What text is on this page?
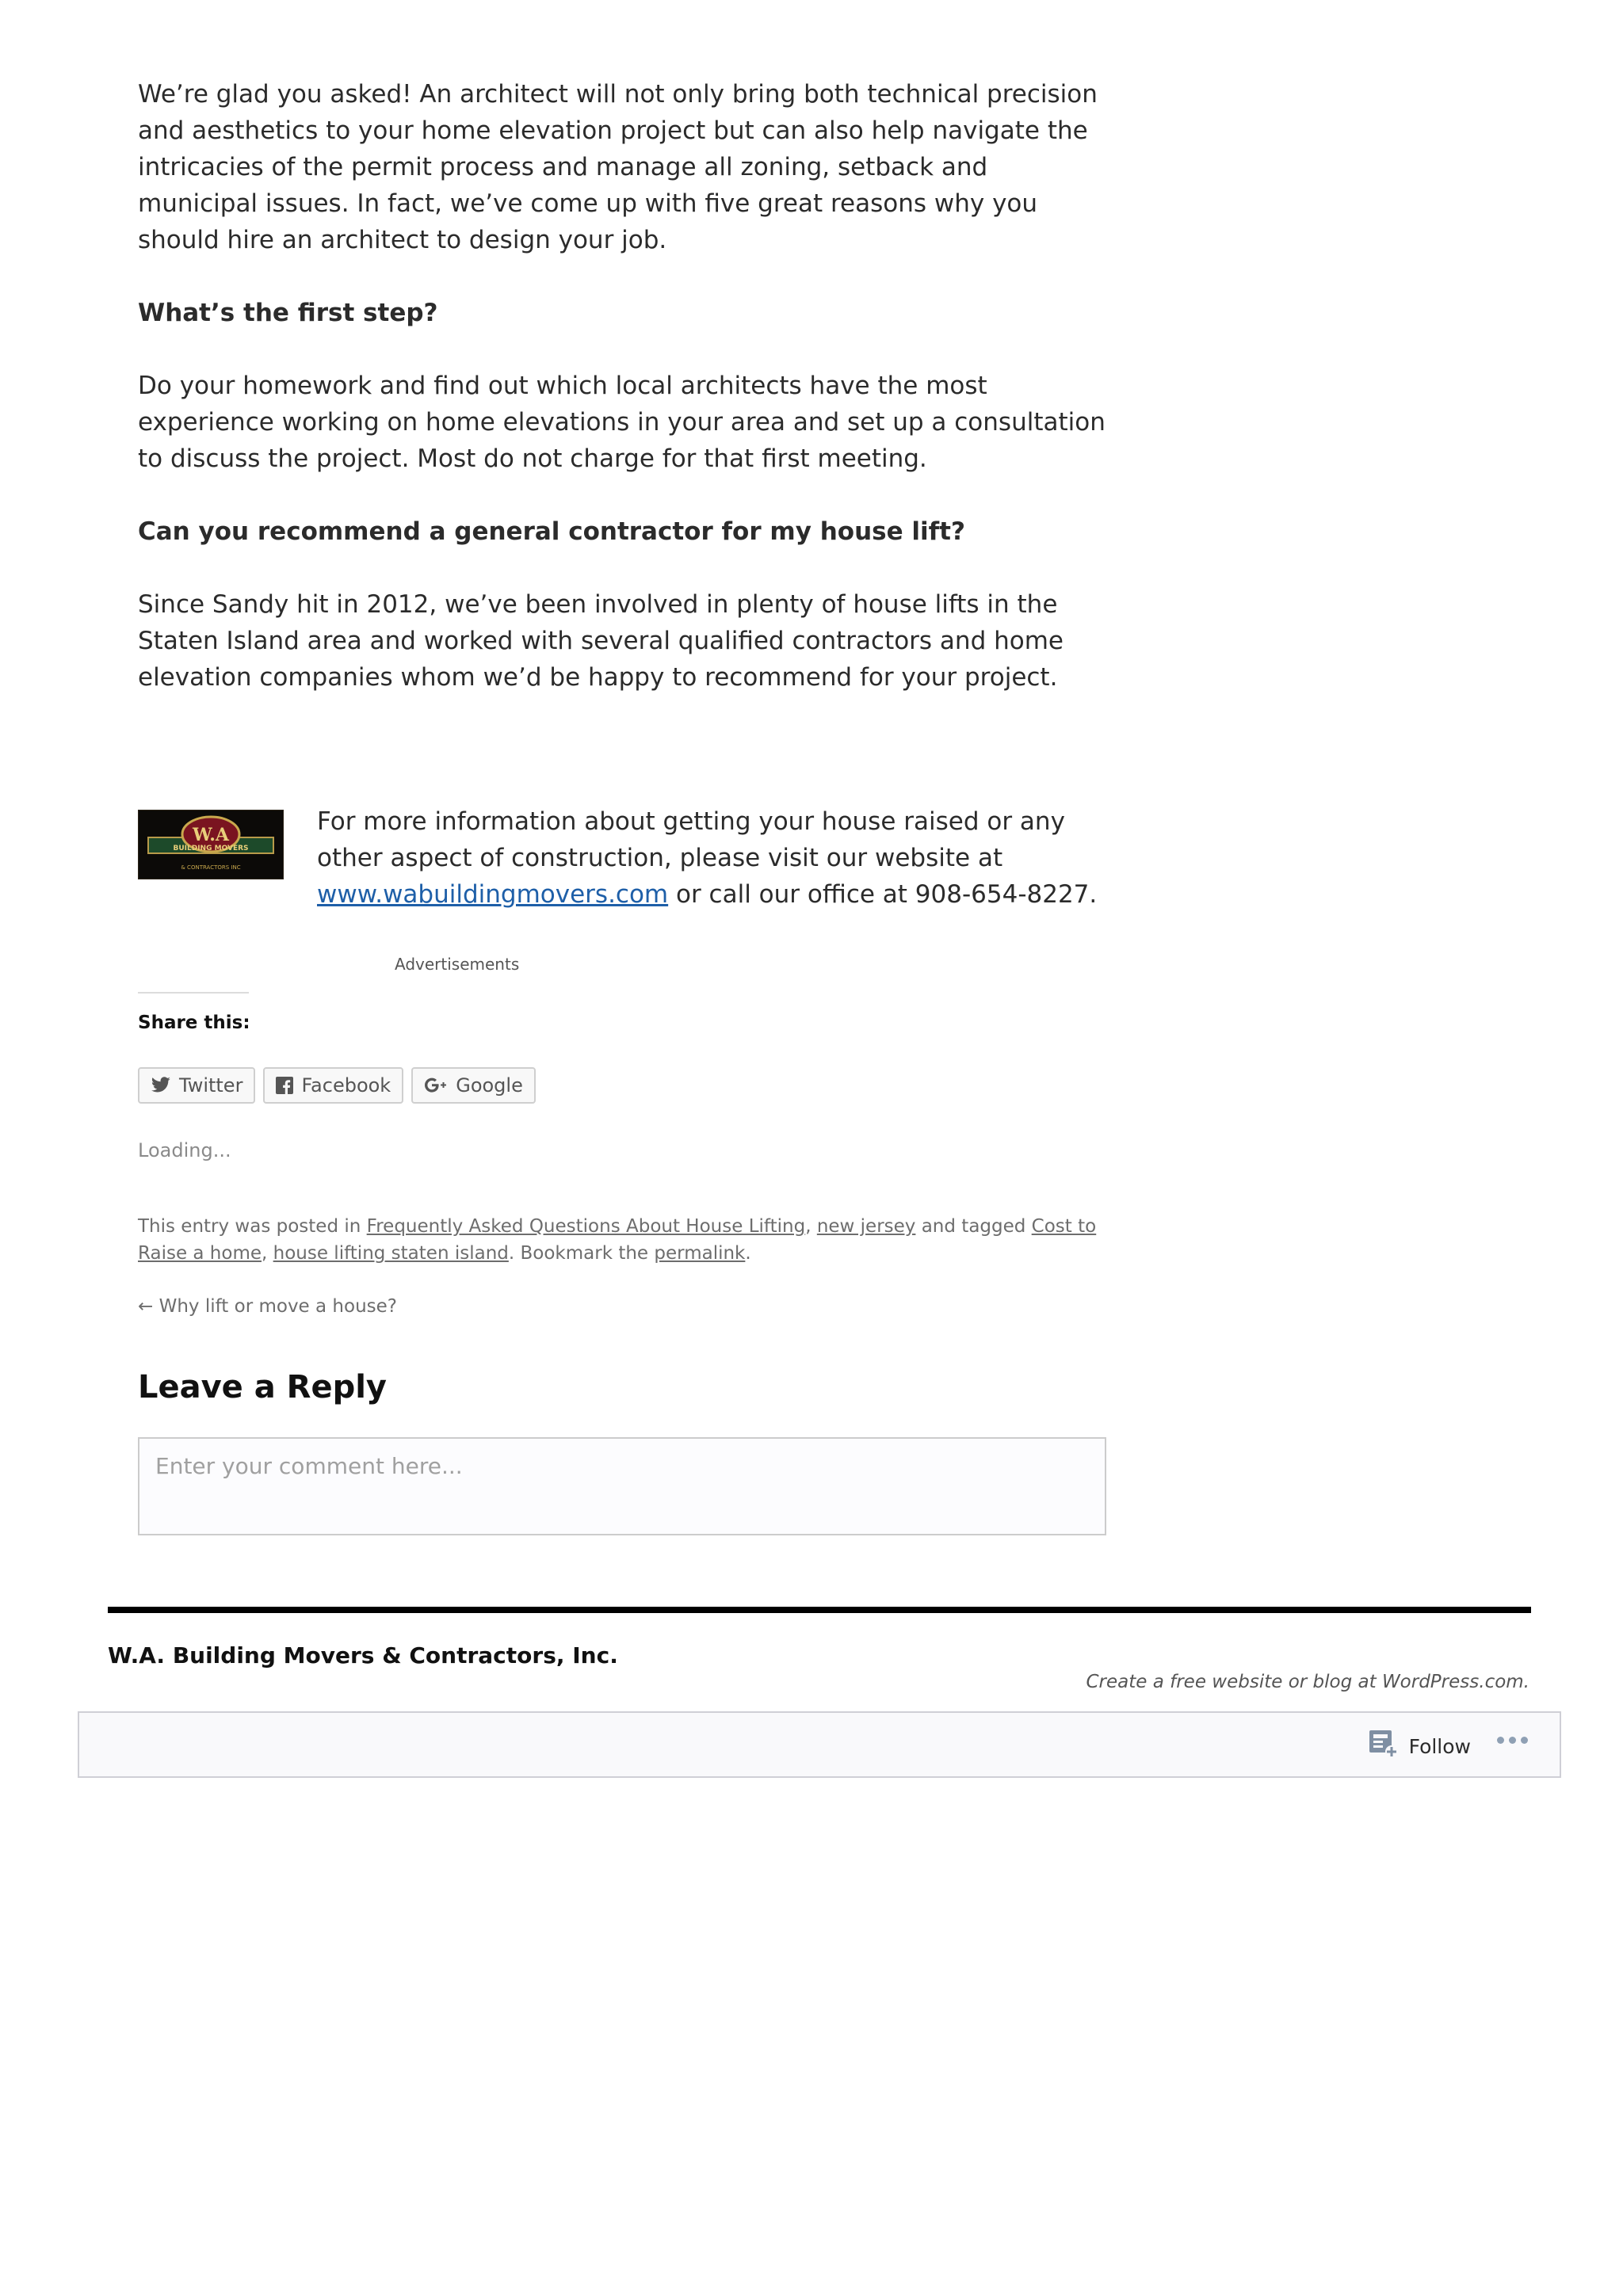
We’re glad you asked! An architect will not only bring both technical precision and aesthetics to your home elevation project but can also help navigate the intricacies of the permit process and manage all zoning, setback and municipal issues. In fact, we’ve come up with five great reasons why you should hire an architect to design your job.

What’s the first step?

Do your homework and find out which local architects have the most experience working on home elevations in your area and set up a consultation to discuss the project. Most do not charge for that first meeting.

Can you recommend a general contractor for my house lift?

Since Sandy hit in 2012, we’ve been involved in plenty of house lifts in the Staten Island area and worked with several qualified contractors and home elevation companies whom we’d be happy to recommend for your project.

W.A
BUILDING MOVERS
& CONTRACTORS INC

For more information about getting your house raised or any other aspect of construction, please visit our website at www.wabuildingmovers.com or call our office at 908-654-8227.

Advertisements
Share this:
Twitter	Facebook	Google
Loading...
This entry was posted in Frequently Asked Questions About House Lifting, new jersey and tagged Cost to Raise a home, house lifting staten island. Bookmark the permalink.
← Why lift or move a house?
Leave a Reply
Enter your comment here...
W.A. Building Movers & Contractors, Inc.
Create a free website or blog at WordPress.com.
Follow
